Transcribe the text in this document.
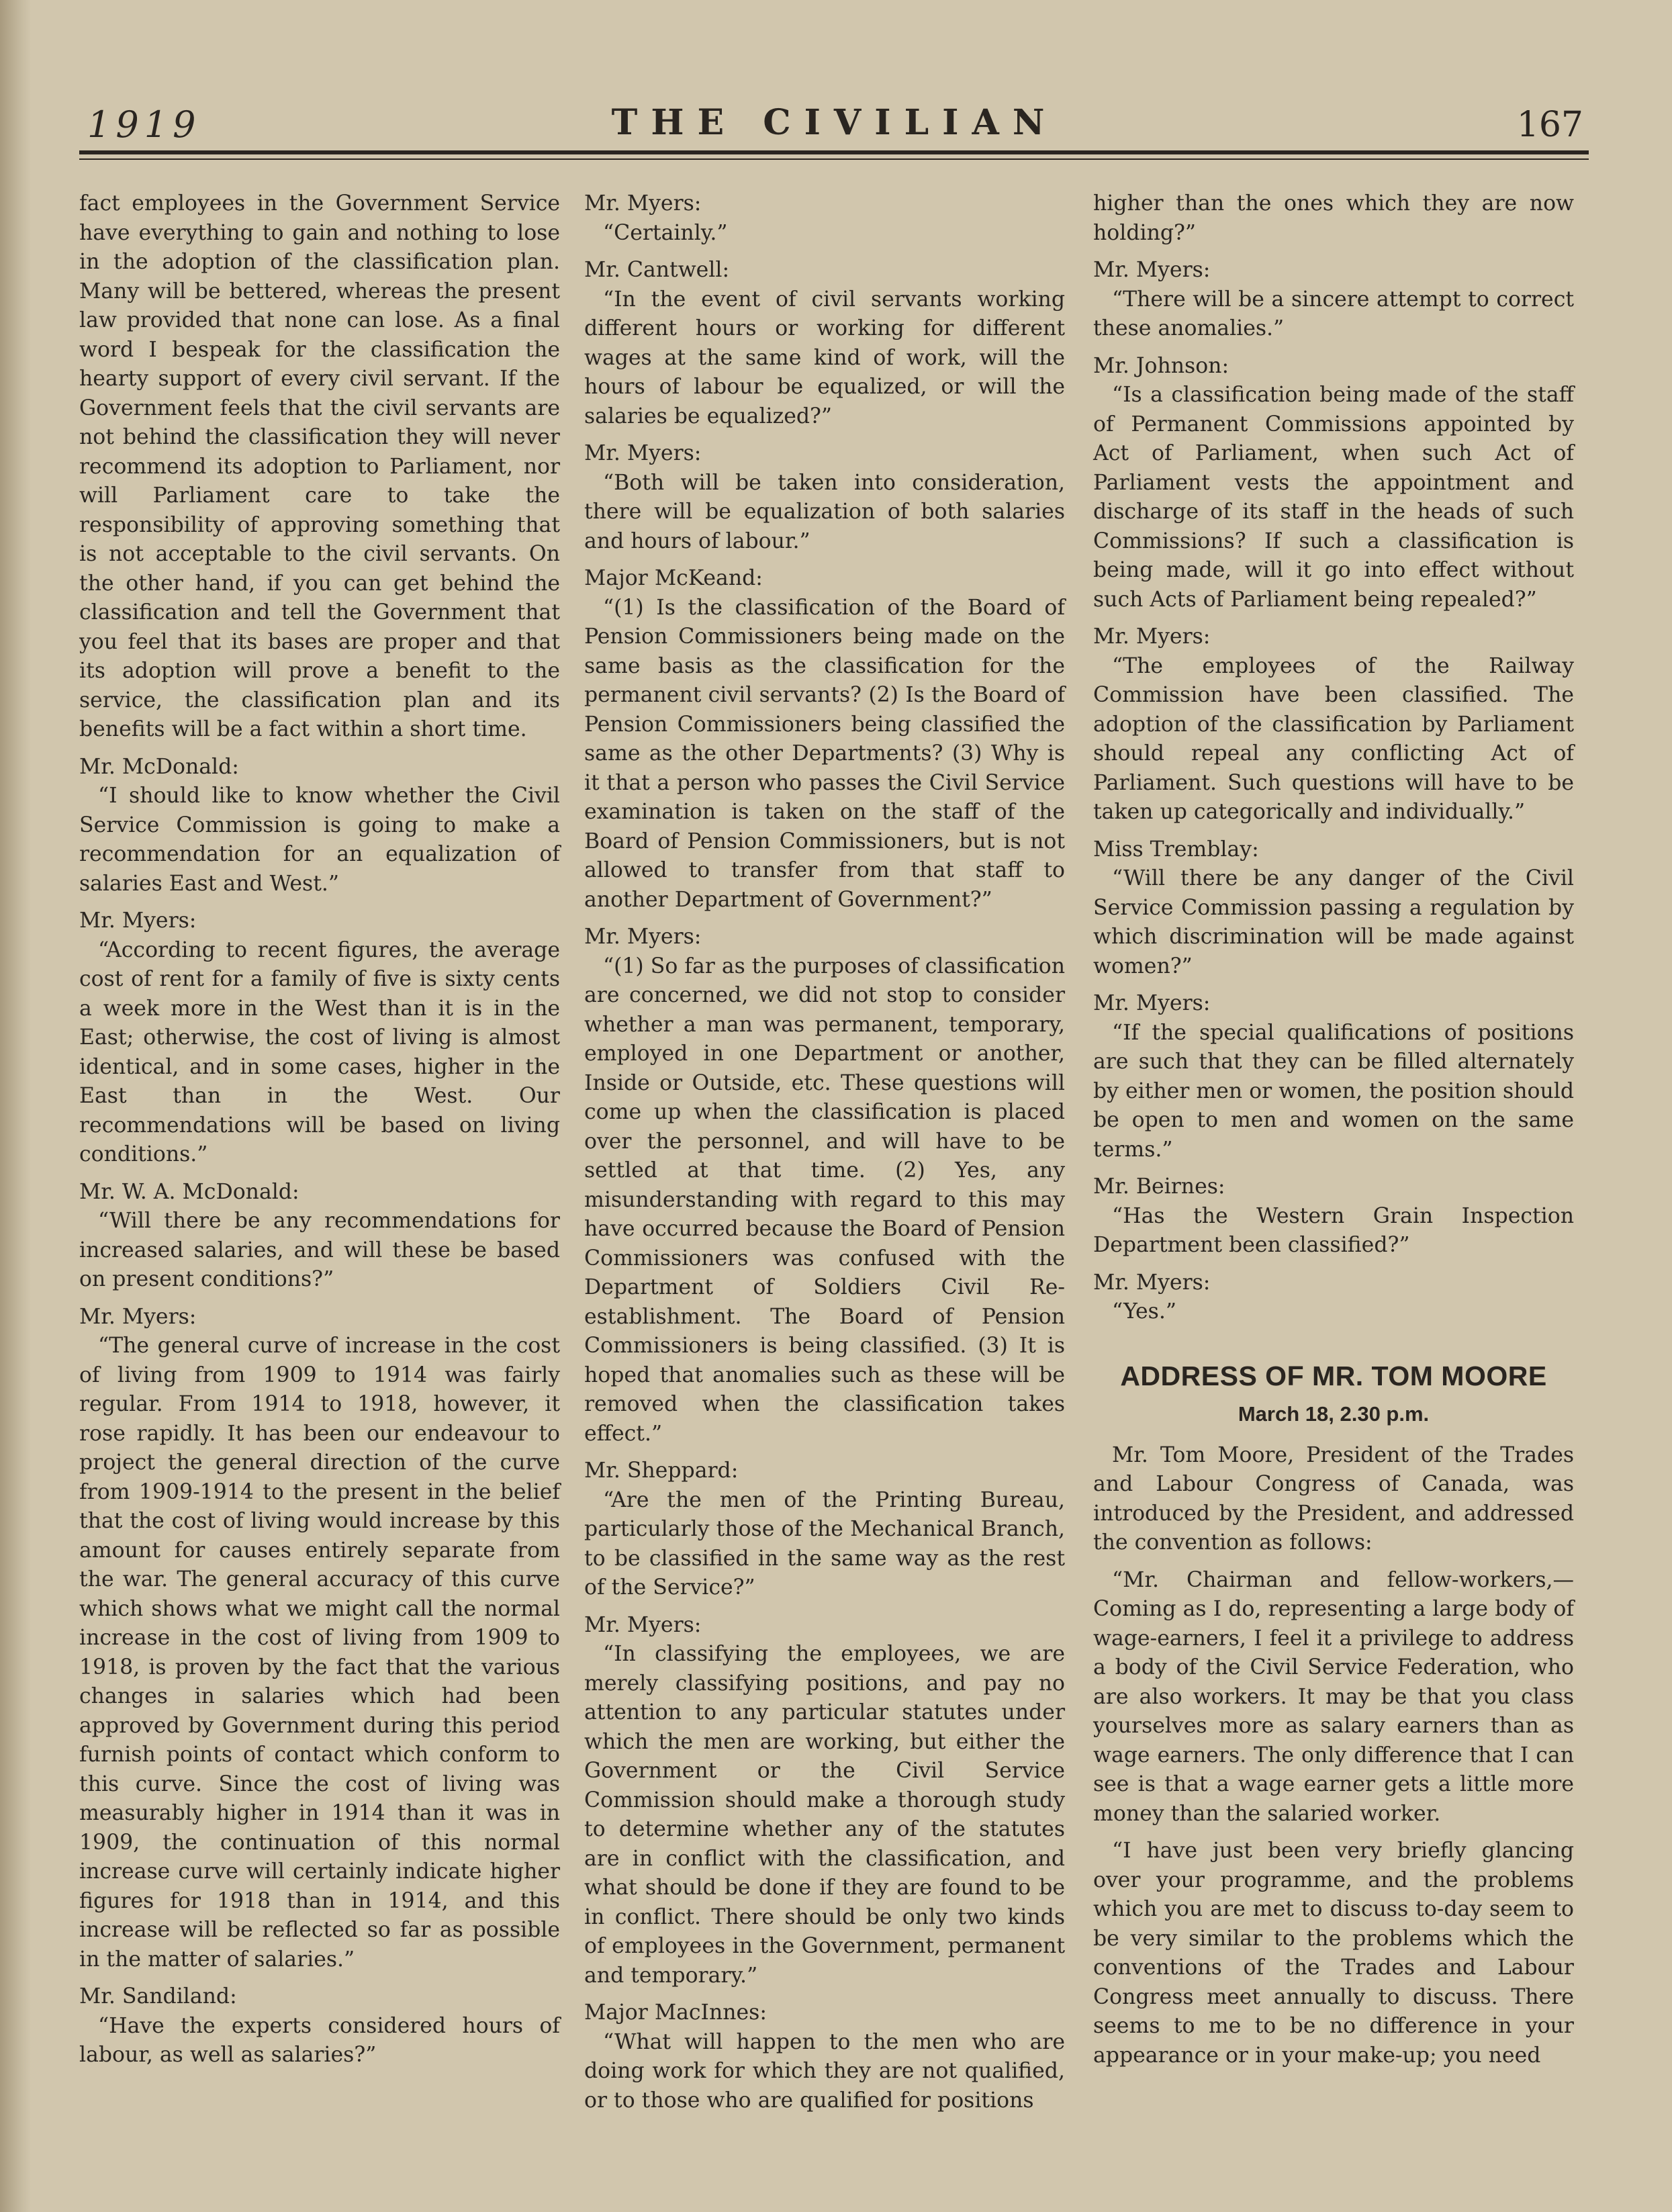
1919	THE CIVILIAN	167

fact employees in the Government Service have everything to gain and nothing to lose in the adoption of the classification plan. Many will be bettered, whereas the present law provided that none can lose. As a final word I bespeak for the classification the hearty support of every civil servant. If the Government feels that the civil servants are not behind the classification they will never recommend its adoption to Parliament, nor will Parliament care to take the responsibility of approving something that is not acceptable to the civil servants. On the other hand, if you can get behind the classification and tell the Government that you feel that its bases are proper and that its adoption will prove a benefit to the service, the classification plan and its benefits will be a fact within a short time.

Mr. McDonald:

“I should like to know whether the Civil Service Commission is going to make a recommendation for an equalization of salaries East and West.”

Mr. Myers:

“According to recent figures, the average cost of rent for a family of five is sixty cents a week more in the West than it is in the East; otherwise, the cost of living is almost identical, and in some cases, higher in the East than in the West. Our recommendations will be based on living conditions.”

Mr. W. A. McDonald:

“Will there be any recommendations for increased salaries, and will these be based on present conditions?”

Mr. Myers:

“The general curve of increase in the cost of living from 1909 to 1914 was fairly regular. From 1914 to 1918, however, it rose rapidly. It has been our endeavour to project the general direction of the curve from 1909-1914 to the present in the belief that the cost of living would increase by this amount for causes entirely separate from the war. The general accuracy of this curve which shows what we might call the normal increase in the cost of living from 1909 to 1918, is proven by the fact that the various changes in salaries which had been approved by Government during this period furnish points of contact which conform to this curve. Since the cost of living was measurably higher in 1914 than it was in 1909, the continuation of this normal increase curve will certainly indicate higher figures for 1918 than in 1914, and this increase will be reflected so far as possible in the matter of salaries.”

Mr. Sandiland:

“Have the experts considered hours of labour, as well as salaries?”

Mr. Myers:

“Certainly.”

Mr. Cantwell:

“In the event of civil servants working different hours or working for different wages at the same kind of work, will the hours of labour be equalized, or will the salaries be equalized?”

Mr. Myers:

“Both will be taken into consideration, there will be equalization of both salaries and hours of labour.”

Major McKeand:

“(1) Is the classification of the Board of Pension Commissioners being made on the same basis as the classification for the permanent civil servants? (2) Is the Board of Pension Commissioners being classified the same as the other Departments? (3) Why is it that a person who passes the Civil Service examination is taken on the staff of the Board of Pension Commissioners, but is not allowed to transfer from that staff to another Department of Government?”

Mr. Myers:

“(1) So far as the purposes of classification are concerned, we did not stop to consider whether a man was permanent, temporary, employed in one Department or another, Inside or Outside, etc. These questions will come up when the classification is placed over the personnel, and will have to be settled at that time. (2) Yes, any misunderstanding with regard to this may have occurred because the Board of Pension Commissioners was confused with the Department of Soldiers Civil Re-establishment. The Board of Pension Commissioners is being classified. (3) It is hoped that anomalies such as these will be removed when the classification takes effect.”

Mr. Sheppard:

“Are the men of the Printing Bureau, particularly those of the Mechanical Branch, to be classified in the same way as the rest of the Service?”

Mr. Myers:

“In classifying the employees, we are merely classifying positions, and pay no attention to any particular statutes under which the men are working, but either the Government or the Civil Service Commission should make a thorough study to determine whether any of the statutes are in conflict with the classification, and what should be done if they are found to be in conflict. There should be only two kinds of employees in the Government, permanent and temporary.”

Major MacInnes:

“What will happen to the men who are doing work for which they are not qualified, or to those who are qualified for positions

higher than the ones which they are now holding?”

Mr. Myers:

“There will be a sincere attempt to correct these anomalies.”

Mr. Johnson:

“Is a classification being made of the staff of Permanent Commissions appointed by Act of Parliament, when such Act of Parliament vests the appointment and discharge of its staff in the heads of such Commissions? If such a classification is being made, will it go into effect without such Acts of Parliament being repealed?”

Mr. Myers:

“The employees of the Railway Commission have been classified. The adoption of the classification by Parliament should repeal any conflicting Act of Parliament. Such questions will have to be taken up categorically and individually.”

Miss Tremblay:

“Will there be any danger of the Civil Service Commission passing a regulation by which discrimination will be made against women?”

Mr. Myers:

“If the special qualifications of positions are such that they can be filled alternately by either men or women, the position should be open to men and women on the same terms.”

Mr. Beirnes:

“Has the Western Grain Inspection Department been classified?”

Mr. Myers:

“Yes.”

ADDRESS OF MR. TOM MOORE
March 18, 2.30 p.m.

Mr. Tom Moore, President of the Trades and Labour Congress of Canada, was introduced by the President, and addressed the convention as follows:

“Mr. Chairman and fellow-workers,— Coming as I do, representing a large body of wage-earners, I feel it a privilege to address a body of the Civil Service Federation, who are also workers. It may be that you class yourselves more as salary earners than as wage earners. The only difference that I can see is that a wage earner gets a little more money than the salaried worker.

“I have just been very briefly glancing over your programme, and the problems which you are met to discuss to-day seem to be very similar to the problems which the conventions of the Trades and Labour Congress meet annually to discuss. There seems to me to be no difference in your appearance or in your make-up; you need
